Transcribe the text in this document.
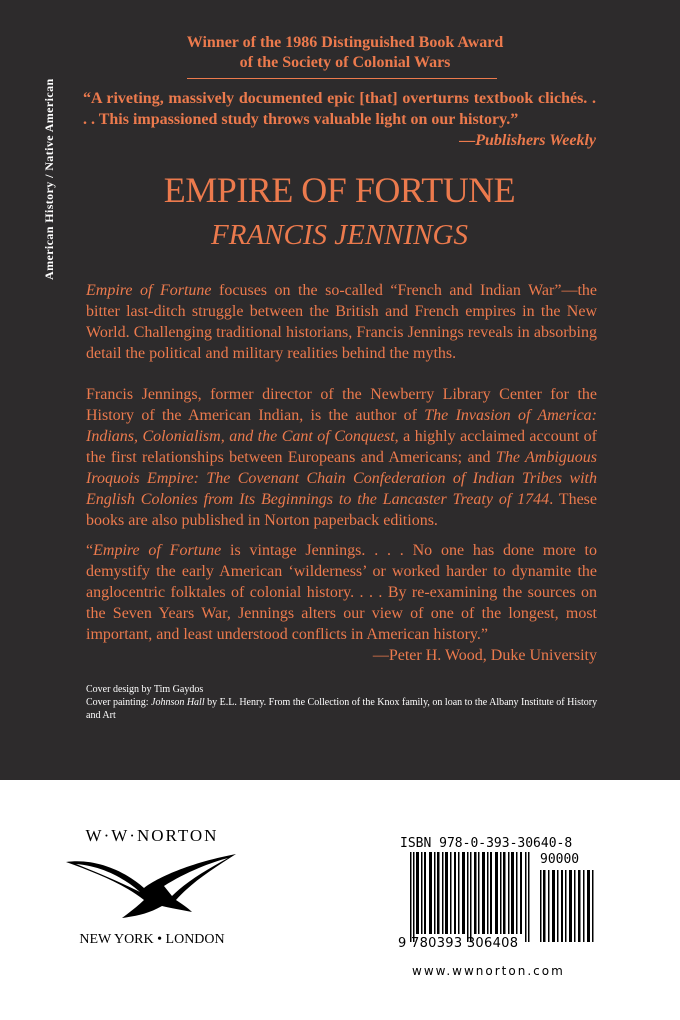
American History / Native American
Winner of the 1986 Distinguished Book Award
of the Society of Colonial Wars
“A riveting, massively documented epic [that] overturns textbook clichés. . . . This impassioned study throws valuable light on our history.”
—Publishers Weekly
EMPIRE OF FORTUNE
FRANCIS JENNINGS
Empire of Fortune focuses on the so-called “French and Indian War”—the bitter last-ditch struggle between the British and French empires in the New World. Challenging traditional historians, Francis Jennings reveals in absorbing detail the political and military realities behind the myths.
Francis Jennings, former director of the Newberry Library Center for the History of the American Indian, is the author of The Invasion of America: Indians, Colonialism, and the Cant of Conquest, a highly acclaimed account of the first relationships between Europeans and Americans; and The Ambiguous Iroquois Empire: The Covenant Chain Confederation of Indian Tribes with English Colonies from Its Beginnings to the Lancaster Treaty of 1744. These books are also published in Norton paperback editions.
“Empire of Fortune is vintage Jennings. . . . No one has done more to demystify the early American ‘wilderness’ or worked harder to dynamite the anglocentric folktales of colonial history. . . . By re-examining the sources on the Seven Years War, Jennings alters our view of one of the longest, most important, and least understood conflicts in American history.”
—Peter H. Wood, Duke University
Cover design by Tim Gaydos
Cover painting: Johnson Hall by E.L. Henry. From the Collection of the Knox family, on loan to the Albany Institute of History and Art
W·W·NORTON
NEW YORK • LONDON
ISBN 978-0-393-30640-8
90000
9 780393 306408
www.wwnorton.com
